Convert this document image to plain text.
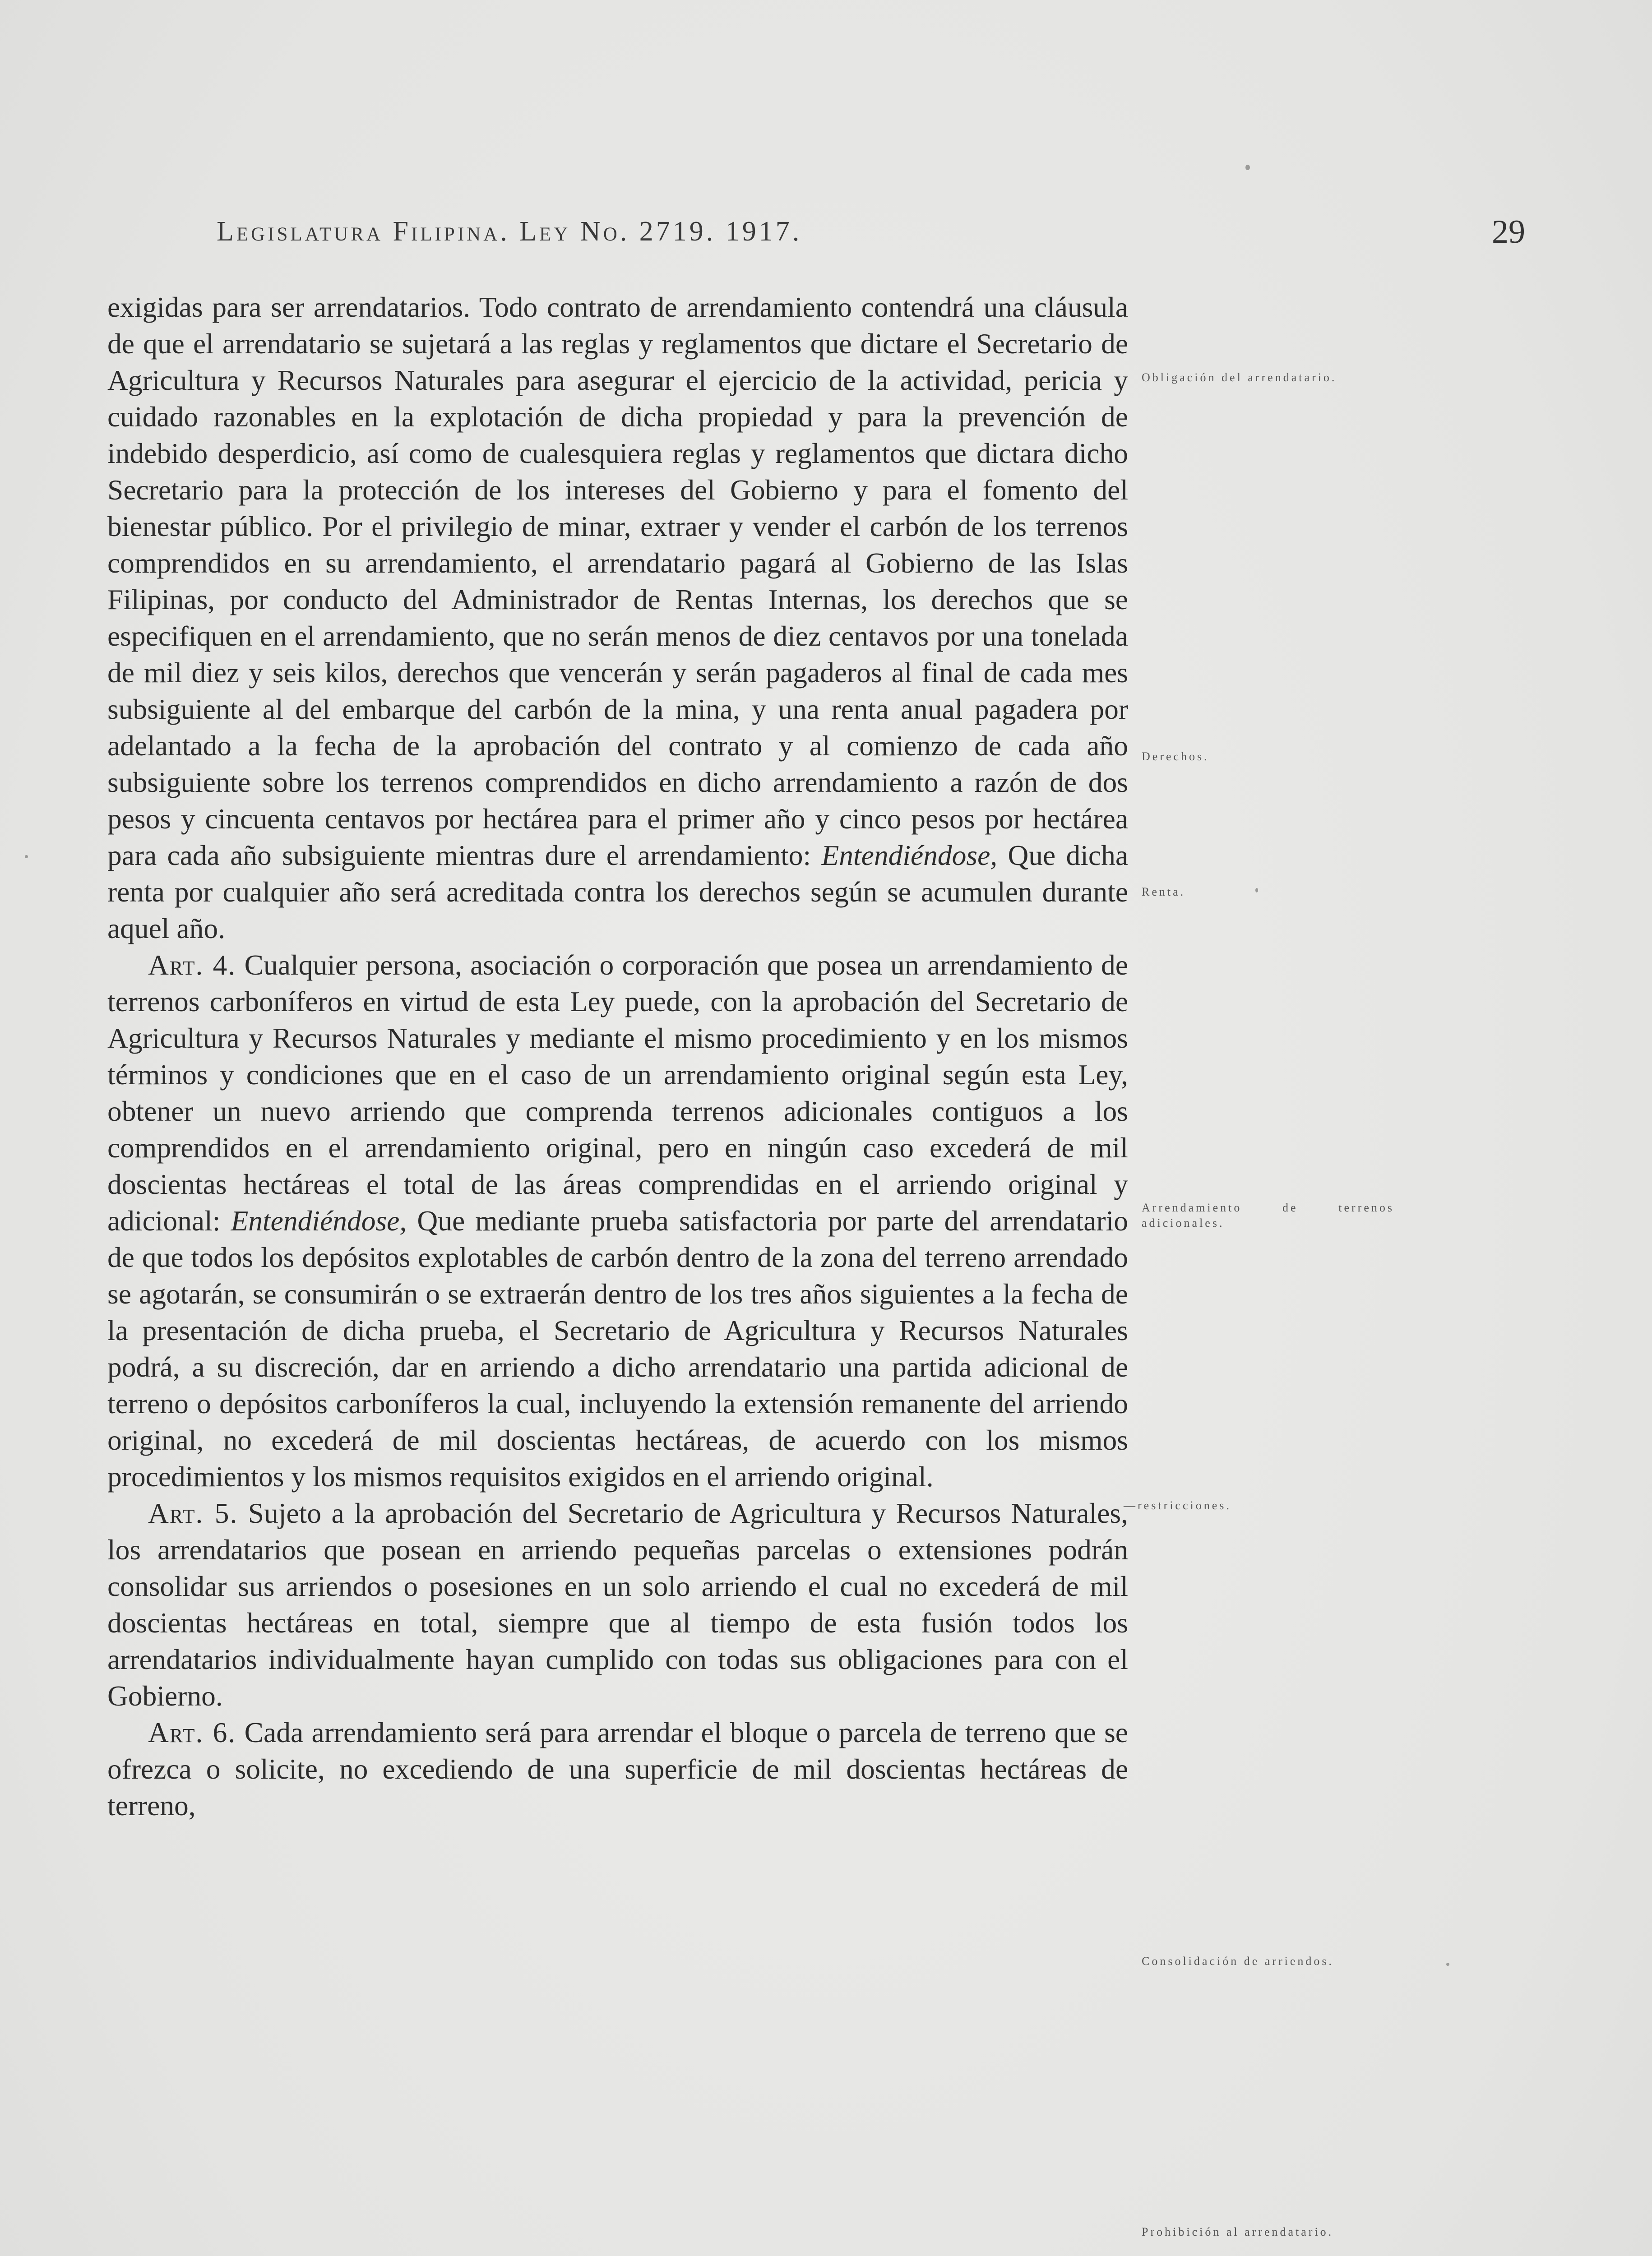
Legislatura Filipina. Ley No. 2719. 1917.	29

exigidas para ser arrendatarios. Todo contrato de arrendamiento contendrá una cláusula de que el arrendatario se sujetará a las reglas y reglamentos que dictare el Secretario de Agricultura y Recursos Naturales para asegurar el ejercicio de la actividad, pericia y cuidado razonables en la explotación de dicha propiedad y para la prevención de indebido desperdicio, así como de cualesquiera reglas y reglamentos que dictara dicho Secretario para la protección de los intereses del Gobierno y para el fomento del bienestar público. Por el privilegio de minar, extraer y vender el carbón de los terrenos comprendidos en su arrendamiento, el arrendatario pagará al Gobierno de las Islas Filipinas, por conducto del Administrador de Rentas Internas, los derechos que se especifiquen en el arrendamiento, que no serán menos de diez centavos por una tonelada de mil diez y seis kilos, derechos que vencerán y serán pagaderos al final de cada mes subsiguiente al del embarque del carbón de la mina, y una renta anual pagadera por adelantado a la fecha de la aprobación del contrato y al comienzo de cada año subsiguiente sobre los terrenos comprendidos en dicho arrendamiento a razón de dos pesos y cincuenta centavos por hectárea para el primer año y cinco pesos por hectárea para cada año subsiguiente mientras dure el arrendamiento: Entendiéndose, Que dicha renta por cualquier año será acreditada contra los derechos según se acumulen durante aquel año.

Art. 4. Cualquier persona, asociación o corporación que posea un arrendamiento de terrenos carboníferos en virtud de esta Ley puede, con la aprobación del Secretario de Agricultura y Recursos Naturales y mediante el mismo procedimiento y en los mismos términos y condiciones que en el caso de un arrendamiento original según esta Ley, obtener un nuevo arriendo que comprenda terrenos adicionales contiguos a los comprendidos en el arrendamiento original, pero en ningún caso excederá de mil doscientas hectáreas el total de las áreas comprendidas en el arriendo original y adicional: Entendiéndose, Que mediante prueba satisfactoria por parte del arrendatario de que todos los depósitos explotables de carbón dentro de la zona del terreno arrendado se agotarán, se consumirán o se extraerán dentro de los tres años siguientes a la fecha de la presentación de dicha prueba, el Secretario de Agricultura y Recursos Naturales podrá, a su discreción, dar en arriendo a dicho arrendatario una partida adicional de terreno o depósitos carboníferos la cual, incluyendo la extensión remanente del arriendo original, no excederá de mil doscientas hectáreas, de acuerdo con los mismos procedimientos y los mismos requisitos exigidos en el arriendo original.

Art. 5. Sujeto a la aprobación del Secretario de Agricultura y Recursos Naturales, los arrendatarios que posean en arriendo pequeñas parcelas o extensiones podrán consolidar sus arriendos o posesiones en un solo arriendo el cual no excederá de mil doscientas hectáreas en total, siempre que al tiempo de esta fusión todos los arrendatarios individualmente hayan cumplido con todas sus obligaciones para con el Gobierno.

Art. 6. Cada arrendamiento será para arrendar el bloque o parcela de terreno que se ofrezca o solicite, no excediendo de una superficie de mil doscientas hectáreas de terreno,

Obligación del arrendatario.
Derechos.
Renta.
Arrendamiento de terrenos adicionales.
—restricciones.
Consolidación de arriendos.
Prohibición al arrendatario.
